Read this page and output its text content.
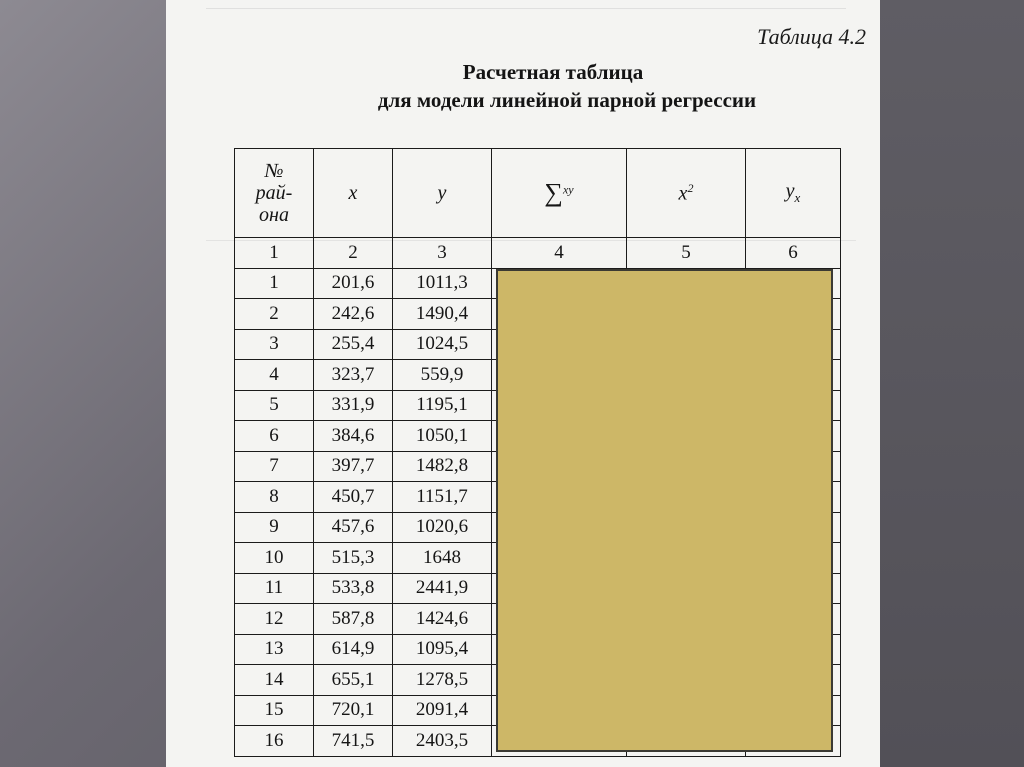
Таблица 4.2
Расчетная таблица
для модели линейной парной регрессии
№
рай-
она	x	y	∑$^{xy}$	$x^2$	$y_x$
1	2	3	4	5	6
1	201,6	1011,3			
2	242,6	1490,4			
3	255,4	1024,5			
4	323,7	559,9			
5	331,9	1195,1			
6	384,6	1050,1			
7	397,7	1482,8			
8	450,7	1151,7			
9	457,6	1020,6			
10	515,3	1648			
11	533,8	2441,9			
12	587,8	1424,6			
13	614,9	1095,4			
14	655,1	1278,5			
15	720,1	2091,4			
16	741,5	2403,5			
